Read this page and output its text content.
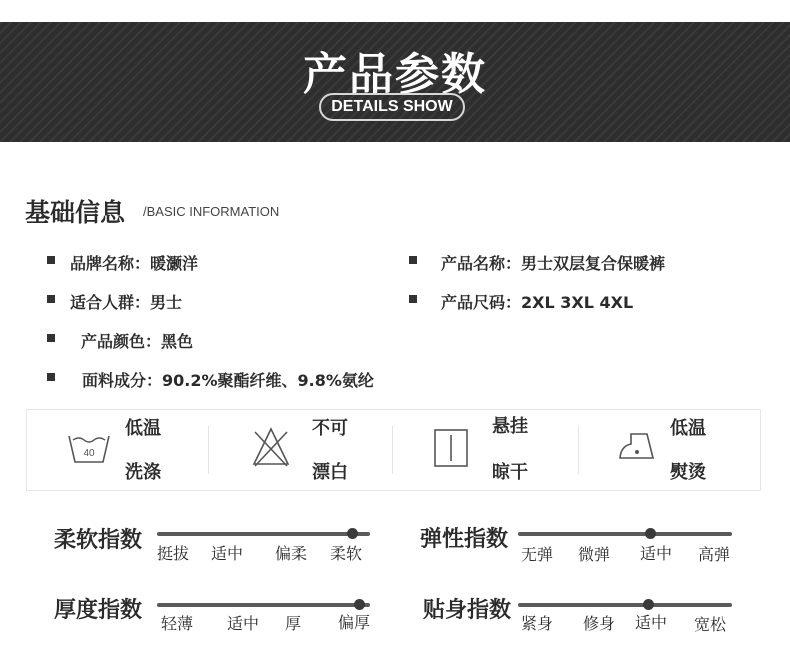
产品参数
DETAILS SHOW
基础信息 /BASIC INFORMATION
品牌名称：暖灏洋	产品名称：男士双层复合保暖裤
适合人群：男士	产品尺码：2XL 3XL 4XL
产品颜色：黑色
面料成分：90.2%聚酯纤维、9.8%氨纶
40
低温
洗涤
不可
漂白
悬挂
晾干
低温
熨烫
柔软指数
挺拔 适中 偏柔 柔软
弹性指数
无弹 微弹 适中 高弹
厚度指数
轻薄 适中 厚 偏厚 贴身指数
紧身 修身 适中 宽松
